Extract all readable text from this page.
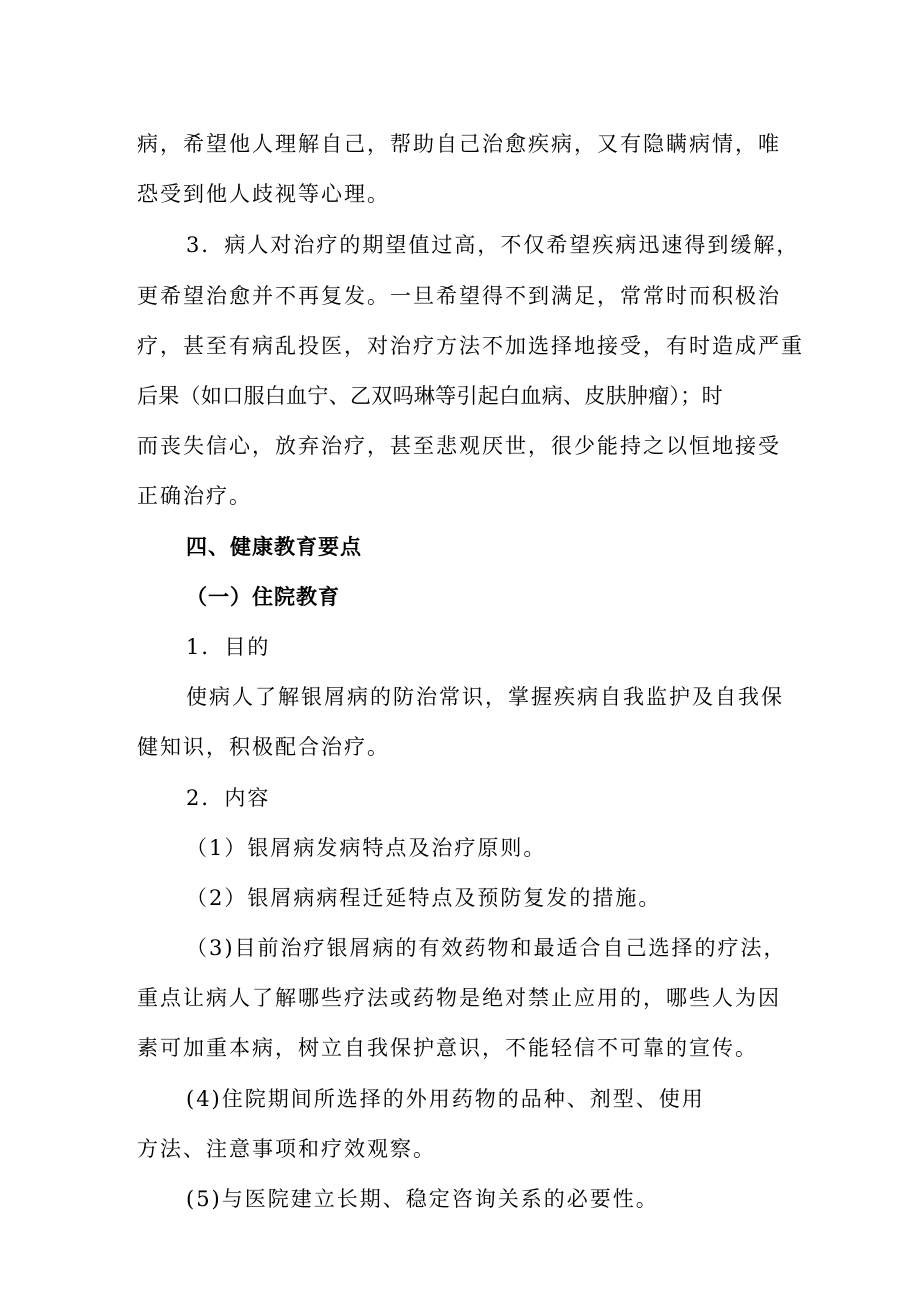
病，希望他人理解自己，帮助自己治愈疾病，又有隐瞒病情，唯
恐受到他人歧视等心理。
3．病人对治疗的期望值过高，不仅希望疾病迅速得到缓解，
更希望治愈并不再复发。一旦希望得不到满足，常常时而积极治
疗，甚至有病乱投医，对治疗方法不加选择地接受，有时造成严重
后果（如口服白血宁、乙双吗琳等引起白血病、皮肤肿瘤）；时
而丧失信心，放弃治疗，甚至悲观厌世，很少能持之以恒地接受
正确治疗。
四、健康教育要点
（一）住院教育
1．目的
使病人了解银屑病的防治常识，掌握疾病自我监护及自我保
健知识，积极配合治疗。
2．内容
（1）银屑病发病特点及治疗原则。
（2）银屑病病程迁延特点及预防复发的措施。
（3)目前治疗银屑病的有效药物和最适合自己选择的疗法，
重点让病人了解哪些疗法或药物是绝对禁止应用的，哪些人为因
素可加重本病，树立自我保护意识，不能轻信不可靠的宣传。
(4)住院期间所选择的外用药物的品种、剂型、使用
方法、注意事项和疗效观察。
(5)与医院建立长期、稳定咨询关系的必要性。
